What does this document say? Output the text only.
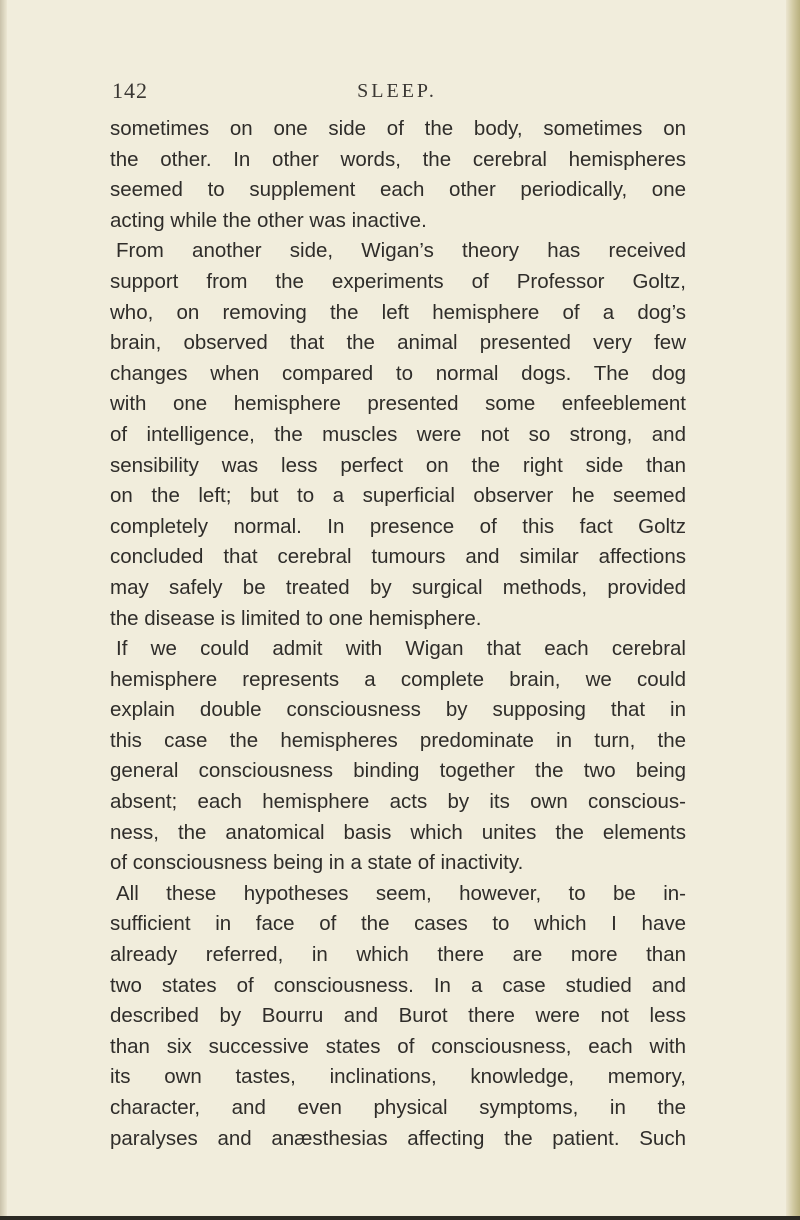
142	SLEEP.
sometimes on one side of the body, sometimes on
the other. In other words, the cerebral hemispheres
seemed to supplement each other periodically, one
acting while the other was inactive.
From another side, Wigan’s theory has received
support from the experiments of Professor Goltz,
who, on removing the left hemisphere of a dog’s
brain, observed that the animal presented very few
changes when compared to normal dogs. The dog
with one hemisphere presented some enfeeblement
of intelligence, the muscles were not so strong, and
sensibility was less perfect on the right side than
on the left; but to a superficial observer he seemed
completely normal. In presence of this fact Goltz
concluded that cerebral tumours and similar affections
may safely be treated by surgical methods, provided
the disease is limited to one hemisphere.
If we could admit with Wigan that each cerebral
hemisphere represents a complete brain, we could
explain double consciousness by supposing that in
this case the hemispheres predominate in turn, the
general consciousness binding together the two being
absent; each hemisphere acts by its own conscious-
ness, the anatomical basis which unites the elements
of consciousness being in a state of inactivity.
All these hypotheses seem, however, to be in-
sufficient in face of the cases to which I have
already referred, in which there are more than
two states of consciousness. In a case studied and
described by Bourru and Burot there were not less
than six successive states of consciousness, each with
its own tastes, inclinations, knowledge, memory,
character, and even physical symptoms, in the
paralyses and anæsthesias affecting the patient. Such
